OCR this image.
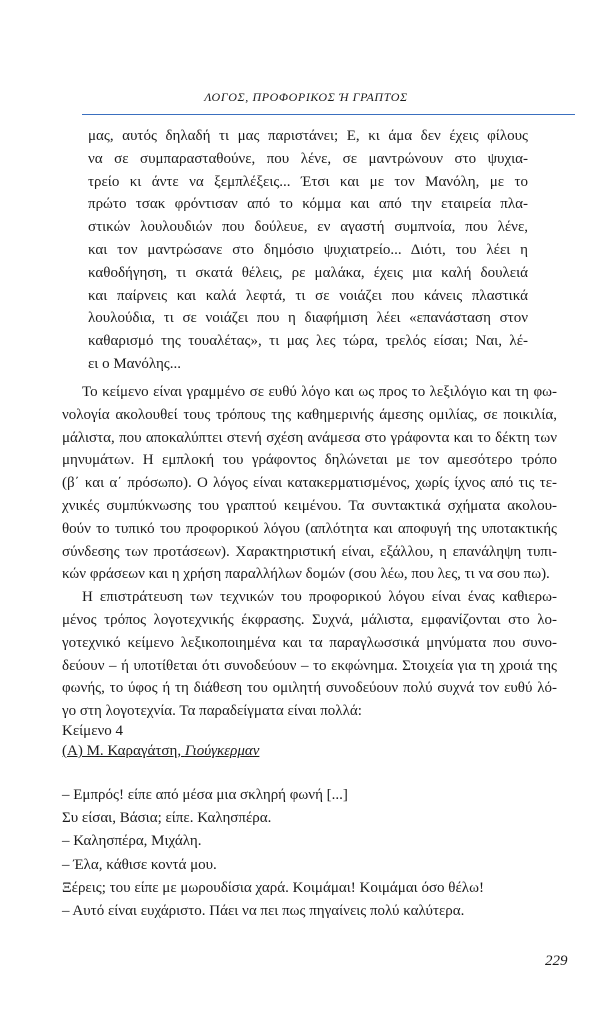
ΛΟΓΟΣ, ΠΡΟΦΟΡΙΚΟΣ Ή ΓΡΑΠΤΟΣ
μας, αυτός δηλαδή τι μας παριστάνει; Ε, κι άμα δεν έχεις φίλους
να σε συμπαρασταθούνε, που λένε, σε μαντρώνουν στο ψυχια-
τρείο κι άντε να ξεμπλέξεις... Έτσι και με τον Μανόλη, με το
πρώτο τσακ φρόντισαν από το κόμμα και από την εταιρεία πλα-
στικών λουλουδιών που δούλευε, εν αγαστή συμπνοία, που λένε,
και τον μαντρώσανε στο δημόσιο ψυχιατρείο... Διότι, του λέει η
καθοδήγηση, τι σκατά θέλεις, ρε μαλάκα, έχεις μια καλή δουλειά
και παίρνεις και καλά λεφτά, τι σε νοιάζει που κάνεις πλαστικά
λουλούδια, τι σε νοιάζει που η διαφήμιση λέει «επανάσταση στον
καθαρισμό της τουαλέτας», τι μας λες τώρα, τρελός είσαι; Ναι, λέ-
ει ο Μανόλης...
Το κείμενο είναι γραμμένο σε ευθύ λόγο και ως προς το λεξιλόγιο και τη φω-
νολογία ακολουθεί τους τρόπους της καθημερινής άμεσης ομιλίας, σε ποικιλία,
μάλιστα, που αποκαλύπτει στενή σχέση ανάμεσα στο γράφοντα και το δέκτη των
μηνυμάτων. Η εμπλοκή του γράφοντος δηλώνεται με τον αμεσότερο τρόπο
(β΄ και α΄ πρόσωπο). Ο λόγος είναι κατακερματισμένος, χωρίς ίχνος από τις τε-
χνικές συμπύκνωσης του γραπτού κειμένου. Τα συντακτικά σχήματα ακολου-
θούν το τυπικό του προφορικού λόγου (απλότητα και αποφυγή της υποτακτικής
σύνδεσης των προτάσεων). Χαρακτηριστική είναι, εξάλλου, η επανάληψη τυπι-
κών φράσεων και η χρήση παραλλήλων δομών (σου λέω, που λες, τι να σου πω).
Η επιστράτευση των τεχνικών του προφορικού λόγου είναι ένας καθιερω-
μένος τρόπος λογοτεχνικής έκφρασης. Συχνά, μάλιστα, εμφανίζονται στο λο-
γοτεχνικό κείμενο λεξικοποιημένα και τα παραγλωσσικά μηνύματα που συνο-
δεύουν – ή υποτίθεται ότι συνοδεύουν – το εκφώνημα. Στοιχεία για τη χροιά της
φωνής, το ύφος ή τη διάθεση του ομιλητή συνοδεύουν πολύ συχνά τον ευθύ λό-
γο στη λογοτεχνία. Τα παραδείγματα είναι πολλά:
Κείμενο 4
(Α) Μ. Καραγάτση, Γιούγκερμαν
– Εμπρός! είπε από μέσα μια σκληρή φωνή [...]
Συ είσαι, Βάσια; είπε. Καλησπέρα.
– Καλησπέρα, Μιχάλη.
– Έλα, κάθισε κοντά μου.
Ξέρεις; του είπε με μωρουδίσια χαρά. Κοιμάμαι! Κοιμάμαι όσο θέλω!
– Αυτό είναι ευχάριστο. Πάει να πει πως πηγαίνεις πολύ καλύτερα.
229
